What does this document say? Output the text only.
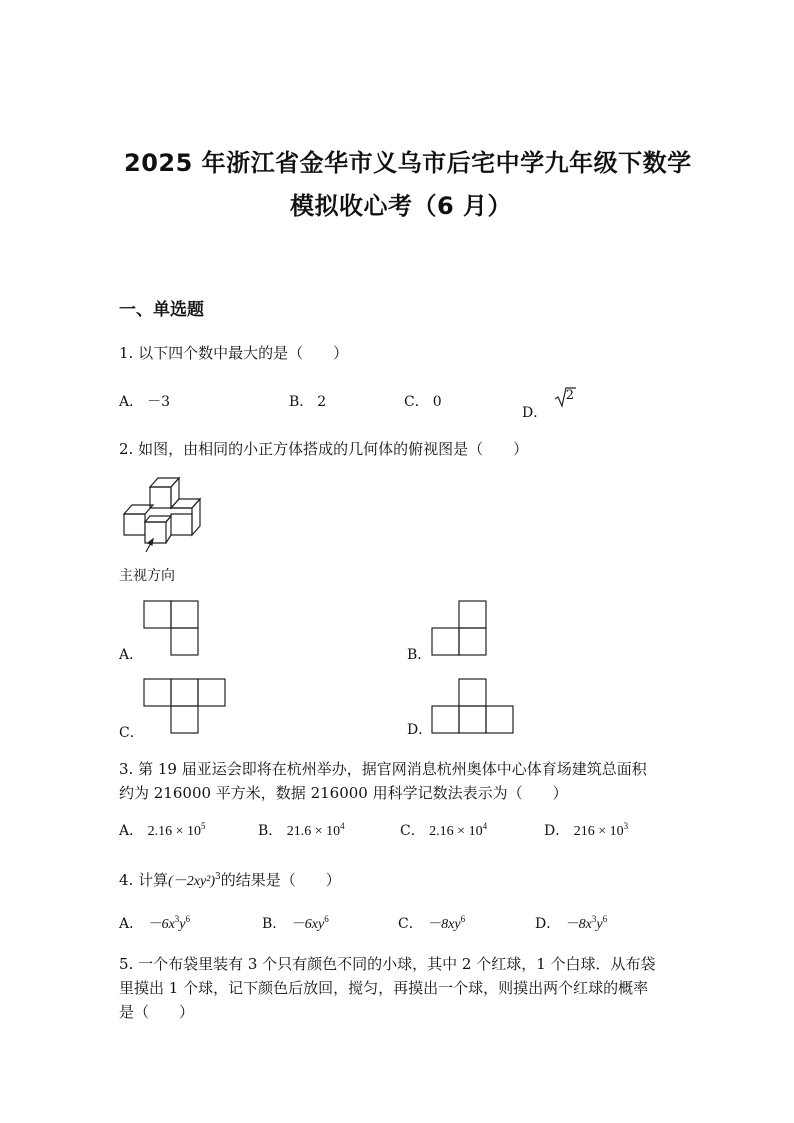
2025 年浙江省金华市义乌市后宅中学九年级下数学
模拟收心考（6 月）
一、单选题
1. 以下四个数中最大的是（　　）
A． －3	B． 2	C． 0
D．
2
2. 如图，由相同的小正方体搭成的几何体的俯视图是（　　）
主视方向
A．	B．
C．	D．
3. 第 19 届亚运会即将在杭州举办，据官网消息杭州奥体中心体育场建筑总面积
约为 216000 平方米，数据 216000 用科学记数法表示为（　　）
A． $2.16 \times 10^5$	B． $21.6 \times 10^4$	C． $2.16 \times 10^4$	D． $216 \times 10^3$
4. 计算$(-2xy^2)^3$的结果是（　　）
A． $-6x^3y^6$	B． $-6xy^6$	C． $-8xy^6$	D． $-8x^3y^6$
5. 一个布袋里装有 3 个只有颜色不同的小球，其中 2 个红球，1 个白球．从布袋
里摸出 1 个球，记下颜色后放回，搅匀，再摸出一个球，则摸出两个红球的概率
是（　　）
